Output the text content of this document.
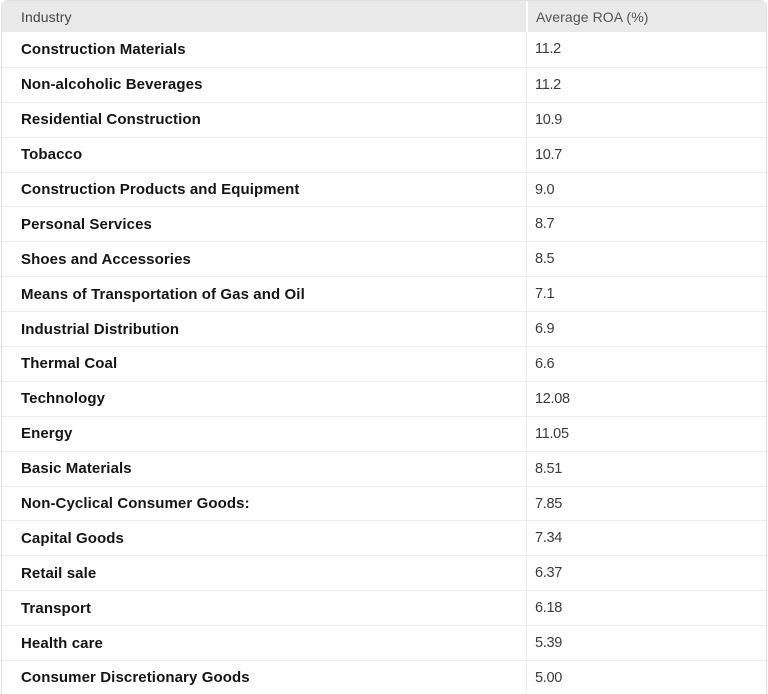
Industry	Average ROA (%)
Construction Materials	11.2
Non-alcoholic Beverages	11.2
Residential Construction	10.9
Tobacco	10.7
Construction Products and Equipment	9.0
Personal Services	8.7
Shoes and Accessories	8.5
Means of Transportation of Gas and Oil	7.1
Industrial Distribution	6.9
Thermal Coal	6.6
Technology	12.08
Energy	11.05
Basic Materials	8.51
Non-Cyclical Consumer Goods:	7.85
Capital Goods	7.34
Retail sale	6.37
Transport	6.18
Health care	5.39
Consumer Discretionary Goods	5.00
